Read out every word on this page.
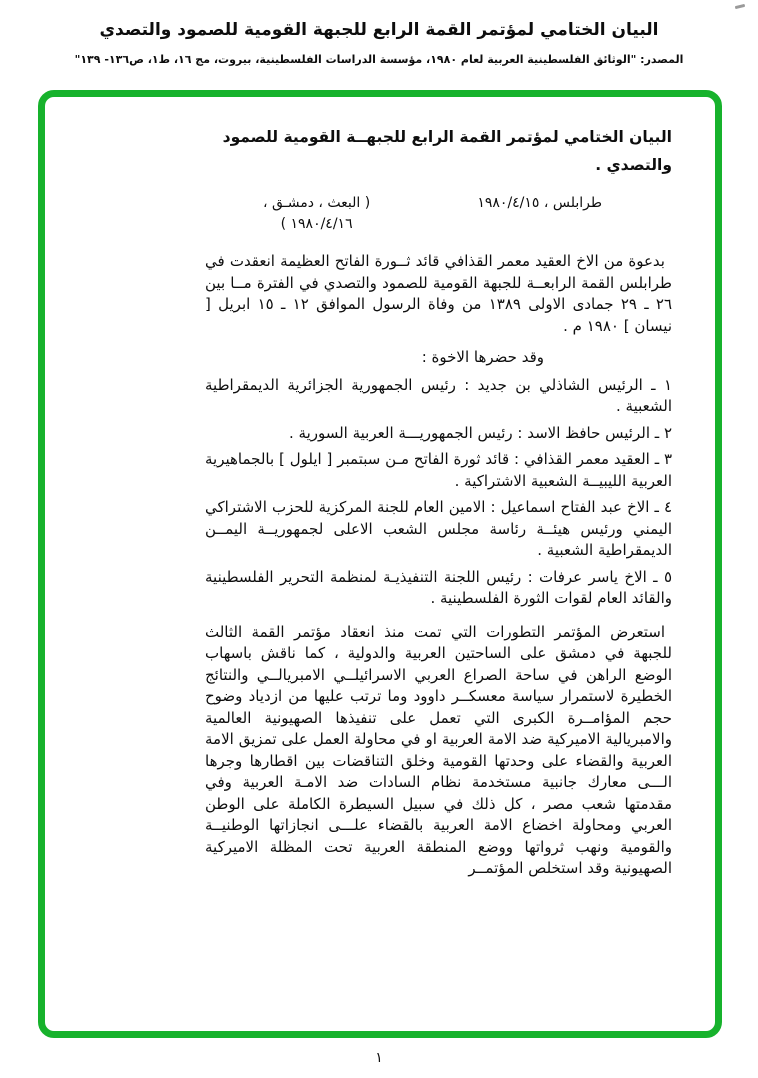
البيان الختامي لمؤتمر القمة الرابع للجبهة القومية للصمود والتصدي
المصدر: "الوثائق الفلسطينية العربية لعام ١٩٨٠، مؤسسة الدراسات الفلسطينية، بيروت، مج ١٦، ط١، ص١٣٦- ١٣٩"
البيان الختامي لمؤتمر القمة الرابع للجبهــة القومية للصمود والتصدي .
طرابلس ، ١٩٨٠/٤/١٥
( البعث ، دمشـق ،
١٩٨٠/٤/١٦ )

بدعوة من الاخ العقيد معمر القذافي قائد ثــورة الفاتح العظيمة انعقدت في طرابلس القمة الرابعــة للجبهة القومية للصمود والتصدي في الفترة مــا بين ٢٦ ـ ٢٩ جمادى الاولى ١٣٨٩ من وفاة الرسول الموافق ١٢ ـ ١٥ ابريل [ نيسان ] ١٩٨٠ م .

وقد حضرها الاخوة :

١ ـ الرئيس الشاذلي بن جديد : رئيس الجمهورية الجزائرية الديمقراطية الشعبية .

٢ ـ الرئيس حافظ الاسد : رئيس الجمهوريـــة العربية السورية .

٣ ـ العقيد معمر القذافي : قائد ثورة الفاتح مـن سبتمبر [ ايلول ] بالجماهيرية العربية الليبيــة الشعبية الاشتراكية .

٤ ـ الاخ عبد الفتاح اسماعيل : الامين العام للجنة المركزية للحزب الاشتراكي اليمني ورئيس هيئــة رئاسة مجلس الشعب الاعلى لجمهوريــة اليمــن الديمقراطية الشعبية .

٥ ـ الاخ ياسر عرفات : رئيس اللجنة التنفيذيـة لمنظمة التحرير الفلسطينية والقائد العام لقوات الثورة الفلسطينية .

استعرض المؤتمر التطورات التي تمت منذ انعقاد مؤتمر القمة الثالث للجبهة في دمشق على الساحتين العربية والدولية ، كما ناقش باسهاب الوضع الراهن في ساحة الصراع العربي الاسرائيلــي الامبريالــي والنتائج الخطيرة لاستمرار سياسة معسكــر داوود وما ترتب عليها من ازدياد وضوح حجم المؤامــرة الكبرى التي تعمل على تنفيذها الصهيونية العالمية والامبريالية الاميركية ضد الامة العربية او في محاولة العمل على تمزيق الامة العربية والقضاء على وحدتها القومية وخلق التناقضات بين اقطارها وجرها الـــى معارك جانبية مستخدمة نظام السادات ضد الامـة العربية وفي مقدمتها شعب مصر ، كل ذلك في سبيل السيطرة الكاملة على الوطن العربي ومحاولة اخضاع الامة العربية بالقضاء علـــى انجازاتها الوطنيــة والقومية ونهب ثرواتها ووضع المنطقة العربية تحت المظلة الاميركية الصهيونية وقد استخلص المؤتمــر

١
